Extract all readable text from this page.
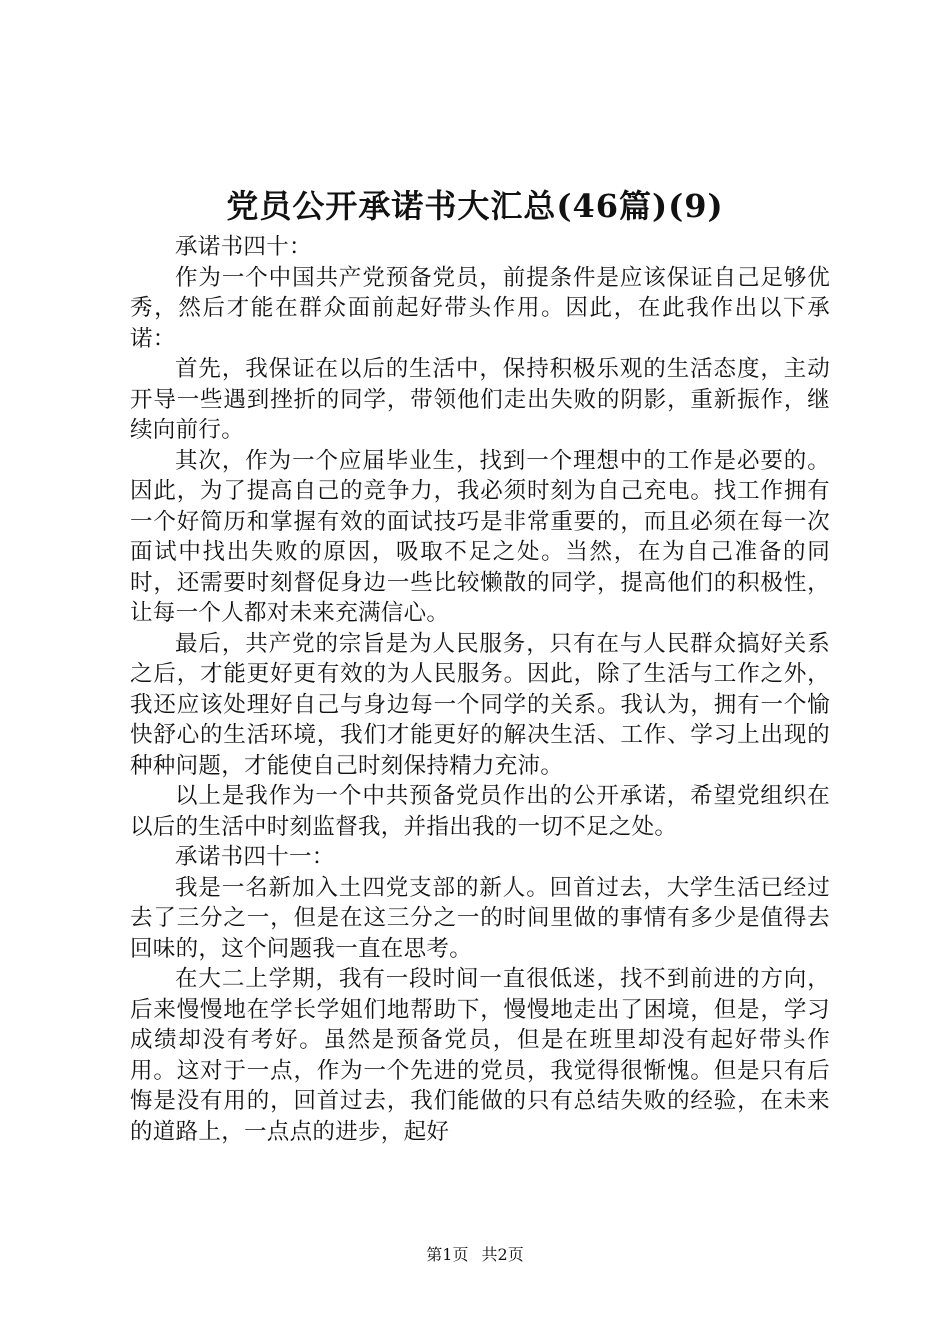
党员公开承诺书大汇总(46篇)(9)

承诺书四十：

作为一个中国共产党预备党员，前提条件是应该保证自己足够优秀，然后才能在群众面前起好带头作用。因此，在此我作出以下承诺：

首先，我保证在以后的生活中，保持积极乐观的生活态度，主动开导一些遇到挫折的同学，带领他们走出失败的阴影，重新振作，继续向前行。

其次，作为一个应届毕业生，找到一个理想中的工作是必要的。因此，为了提高自己的竞争力，我必须时刻为自己充电。找工作拥有一个好简历和掌握有效的面试技巧是非常重要的，而且必须在每一次面试中找出失败的原因，吸取不足之处。当然，在为自己准备的同时，还需要时刻督促身边一些比较懒散的同学，提高他们的积极性，让每一个人都对未来充满信心。

最后，共产党的宗旨是为人民服务，只有在与人民群众搞好关系之后，才能更好更有效的为人民服务。因此，除了生活与工作之外，我还应该处理好自己与身边每一个同学的关系。我认为，拥有一个愉快舒心的生活环境，我们才能更好的解决生活、工作、学习上出现的种种问题，才能使自己时刻保持精力充沛。

以上是我作为一个中共预备党员作出的公开承诺，希望党组织在以后的生活中时刻监督我，并指出我的一切不足之处。

承诺书四十一：

我是一名新加入土四党支部的新人。回首过去，大学生活已经过去了三分之一，但是在这三分之一的时间里做的事情有多少是值得去回味的，这个问题我一直在思考。

在大二上学期，我有一段时间一直很低迷，找不到前进的方向，后来慢慢地在学长学姐们地帮助下，慢慢地走出了困境，但是，学习成绩却没有考好。虽然是预备党员，但是在班里却没有起好带头作用。这对于一点，作为一个先进的党员，我觉得很惭愧。但是只有后悔是没有用的，回首过去，我们能做的只有总结失败的经验，在未来的道路上，一点点的进步，起好

第1页 共2页
